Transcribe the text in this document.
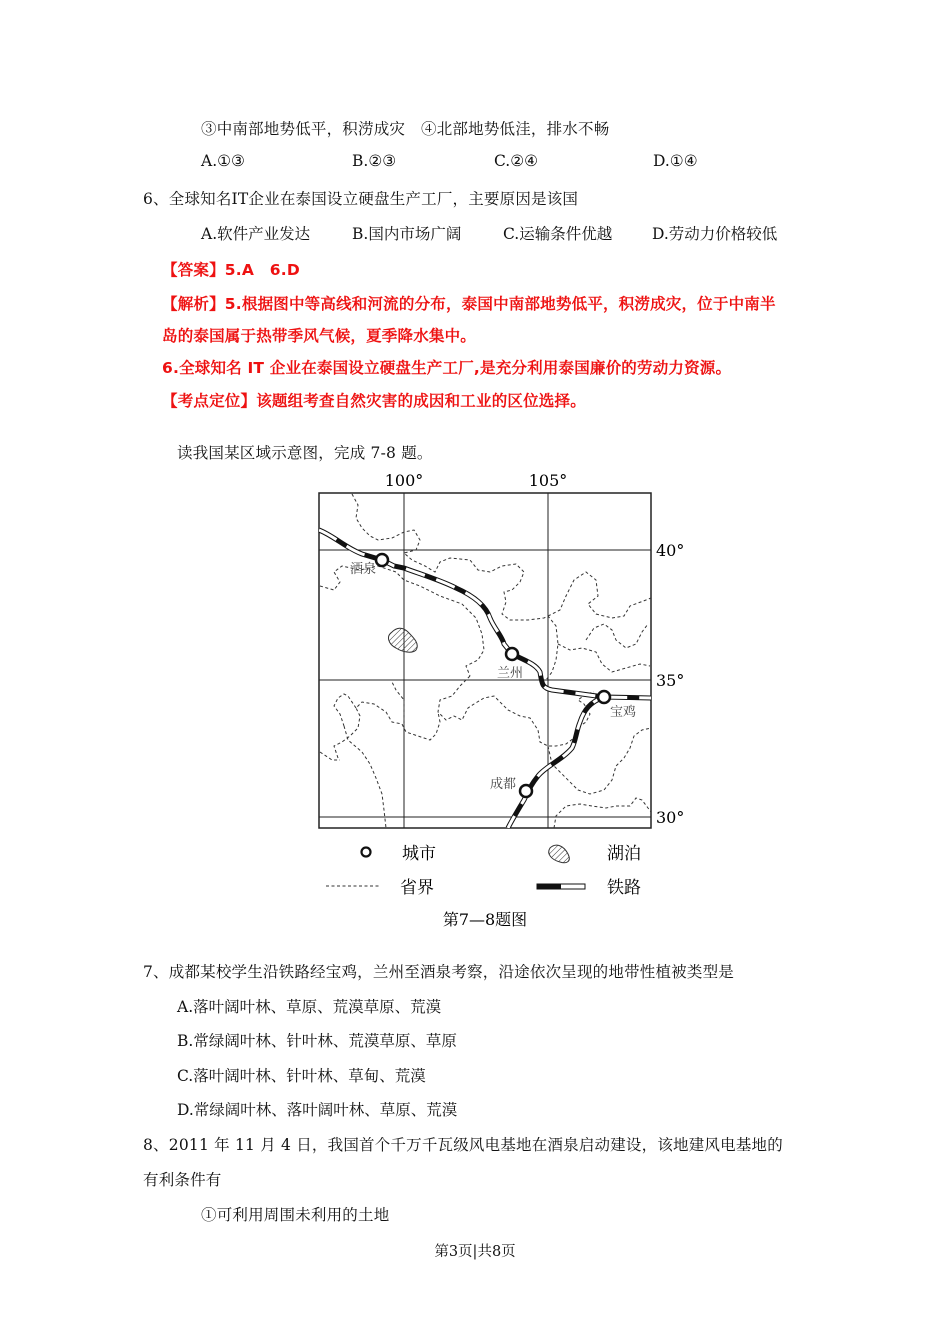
③中南部地势低平，积涝成灾 ④北部地势低洼，排水不畅
A.①③	B.②③	C.②④	D.①④
6、全球知名IT企业在泰国设立硬盘生产工厂，主要原因是该国
A.软件产业发达	B.国内市场广阔	C.运输条件优越	D.劳动力价格较低
【答案】5.A　6.D
【解析】5.根据图中等高线和河流的分布，泰国中南部地势低平，积涝成灾，位于中南半
岛的泰国属于热带季风气候，夏季降水集中。
6.全球知名 IT 企业在泰国设立硬盘生产工厂,是充分利用泰国廉价的劳动力资源。
【考点定位】该题组考查自然灾害的成因和工业的区位选择。
读我国某区域示意图，完成 7-8 题。
100°	105°
40°
35°
30°
酒泉
兰州
宝鸡
成都
城市	湖泊
省界	铁路
第7—8题图
7、成都某校学生沿铁路经宝鸡，兰州至酒泉考察，沿途依次呈现的地带性植被类型是
A.落叶阔叶林、草原、荒漠草原、荒漠
B.常绿阔叶林、针叶林、荒漠草原、草原
C.落叶阔叶林、针叶林、草甸、荒漠
D.常绿阔叶林、落叶阔叶林、草原、荒漠
8、2011 年 11 月 4 日，我国首个千万千瓦级风电基地在酒泉启动建设，该地建风电基地的
有利条件有
①可利用周围未利用的土地
第3页|共8页
